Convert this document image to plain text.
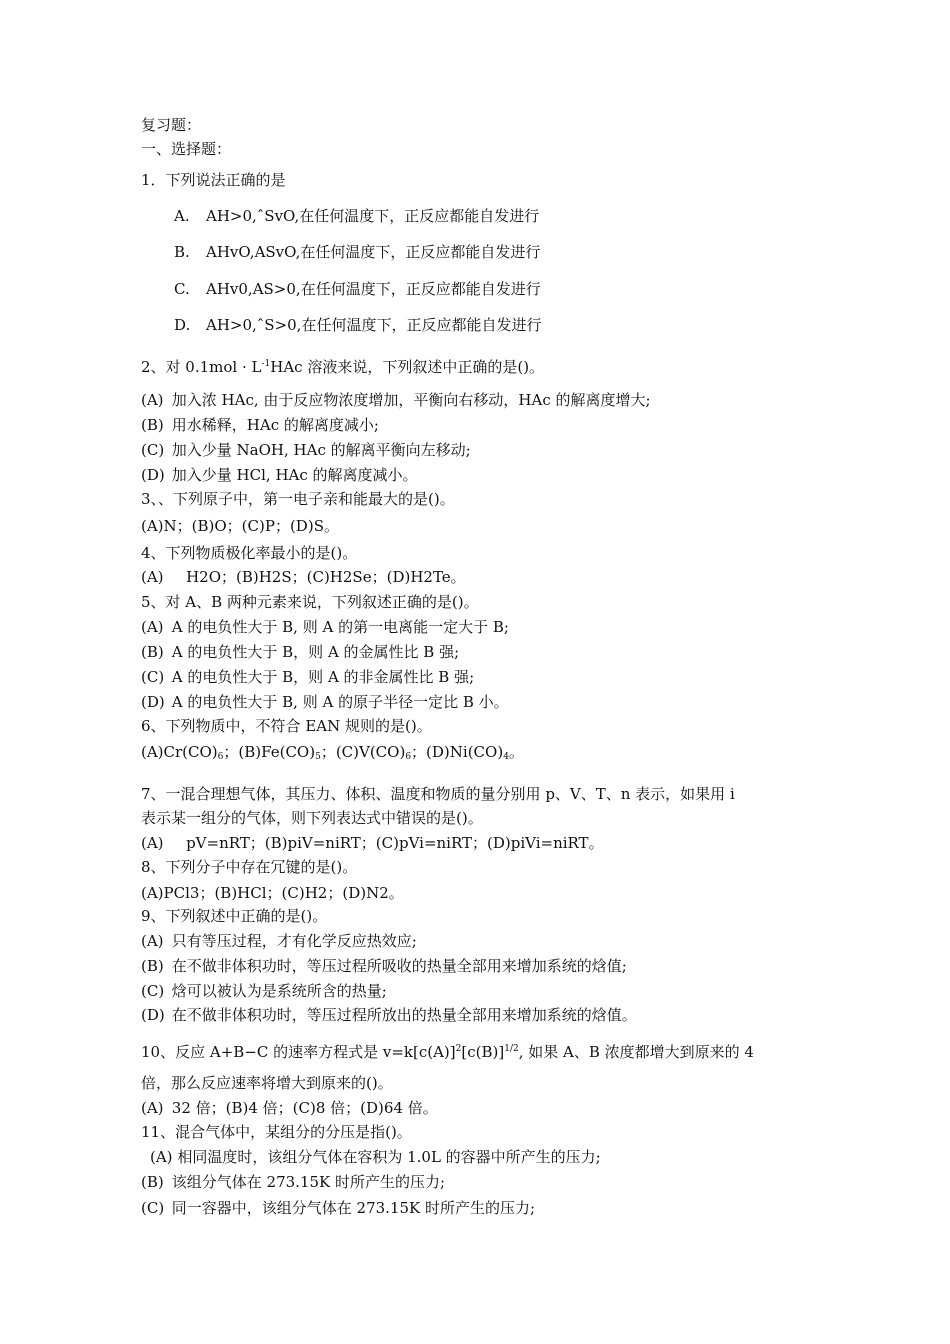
复习题：
一、选择题：
1．下列说法正确的是
A. AH>0,ˆSvO,在任何温度下，正反应都能自发进行
B. AHvO,ASvO,在任何温度下，正反应都能自发进行
C. AHv0,AS>0,在任何温度下，正反应都能自发进行
D. AH>0,ˆS>0,在任何温度下，正反应都能自发进行
2、对 $0.1mol \cdot L^{-1}HAc$ 溶液来说，下列叙述中正确的是()。
(A) 加入浓 HAc, 由于反应物浓度增加，平衡向右移动，HAc 的解离度增大;
(B) 用水稀释，HAc 的解离度减小;
(C) 加入少量 NaOH, HAc 的解离平衡向左移动;
(D) 加入少量 HCl, HAc 的解离度减小。
3、、下列原子中，第一电子亲和能最大的是()。
(A)N；(B)O；(C)P；(D)S。
4、下列物质极化率最小的是()。
(A) H2O；(B)H2S；(C)H2Se；(D)H2Te。
5、对 A、B 两种元素来说，下列叙述正确的是()。
(A) A 的电负性大于 B, 则 A 的第一电离能一定大于 B;
(B) A 的电负性大于 B，则 A 的金属性比 B 强;
(C) A 的电负性大于 B，则 A 的非金属性比 B 强;
(D) A 的电负性大于 B, 则 A 的原子半径一定比 B 小。
6、下列物质中，不符合 EAN 规则的是()。
$(A)Cr(CO)_6$；$(B)Fe(CO)_5$；$(C)V(CO)_6$；$(D)Ni(CO)_4$。
7、一混合理想气体，其压力、体积、温度和物质的量分别用 p、V、T、n 表示，如果用 i
表示某一组分的气体，则下列表达式中错误的是()。
(A) pV=nRT；(B)piV=niRT；(C)pVi=niRT；(D)piVi=niRT。
8、下列分子中存在冗键的是()。
(A)PCl3；(B)HCl；(C)H2；(D)N2。
9、下列叙述中正确的是()。
(A) 只有等压过程，才有化学反应热效应;
(B) 在不做非体积功时，等压过程所吸收的热量全部用来增加系统的焓值;
(C) 焓可以被认为是系统所含的热量;
(D) 在不做非体积功时，等压过程所放出的热量全部用来增加系统的焓值。
10、反应 A+B−C 的速率方程式是 $v=k[c(A)]^2[c(B)]^{1/2}$, 如果 A、B 浓度都增大到原来的 4
倍，那么反应速率将增大到原来的()。
(A) 32 倍；(B)4 倍；(C)8 倍；(D)64 倍。
11、混合气体中，某组分的分压是指()。
(A) 相同温度时，该组分气体在容积为 1.0L 的容器中所产生的压力;
(B) 该组分气体在 273.15K 时所产生的压力;
(C) 同一容器中，该组分气体在 273.15K 时所产生的压力;
